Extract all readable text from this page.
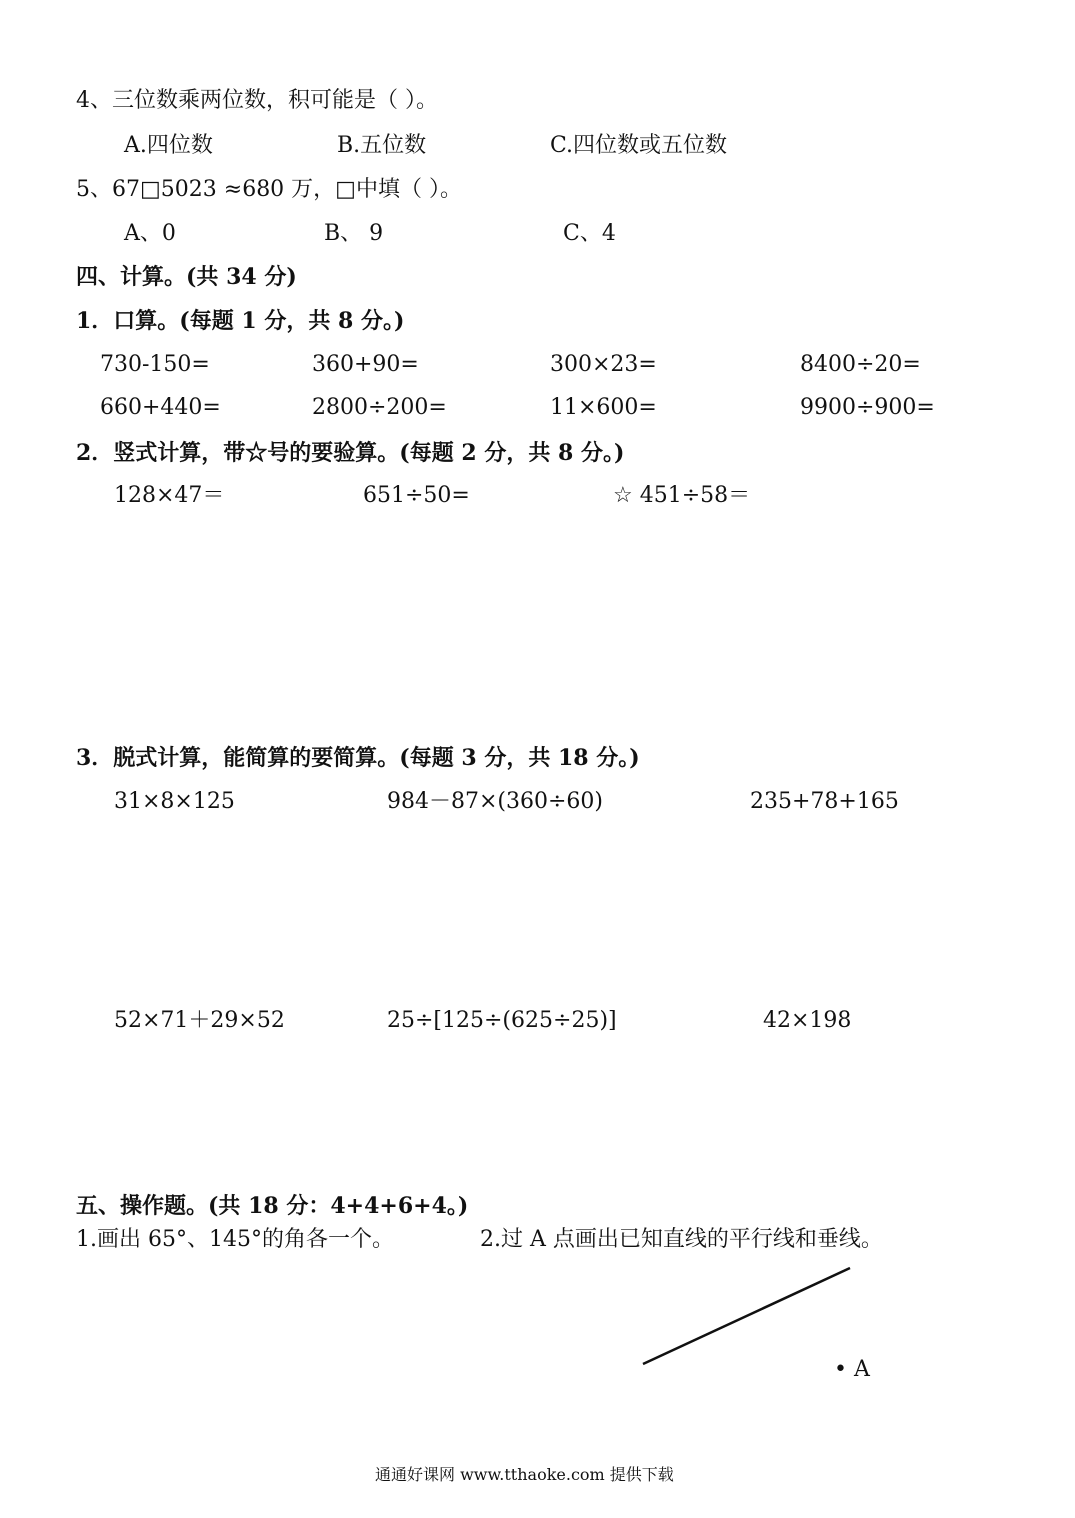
4、三位数乘两位数，积可能是（ ）。
A.四位数	B.五位数	C.四位数或五位数
5、67□5023 ≈680 万，□中填（ ）。
A、0	B、 9	C、4
四、计算。(共 34 分)
1．口算。(每题 1 分，共 8 分。)
730-150=	360+90=	300×23=	8400÷20=
660+440=	2800÷200=	11×600=	9900÷900=
2．竖式计算，带☆号的要验算。(每题 2 分，共 8 分。)
128×47＝	651÷50=	☆ 451÷58＝
3．脱式计算，能简算的要简算。(每题 3 分，共 18 分。)
31×8×125	984－87×(360÷60)	235+78+165
52×71＋29×52	25÷[125÷(625÷25)]	42×198
五、操作题。(共 18 分：4+4+6+4。)
1.画出 65°、145°的角各一个。	2.过 A 点画出已知直线的平行线和垂线。
• A
通通好课网 www.tthaoke.com 提供下载
